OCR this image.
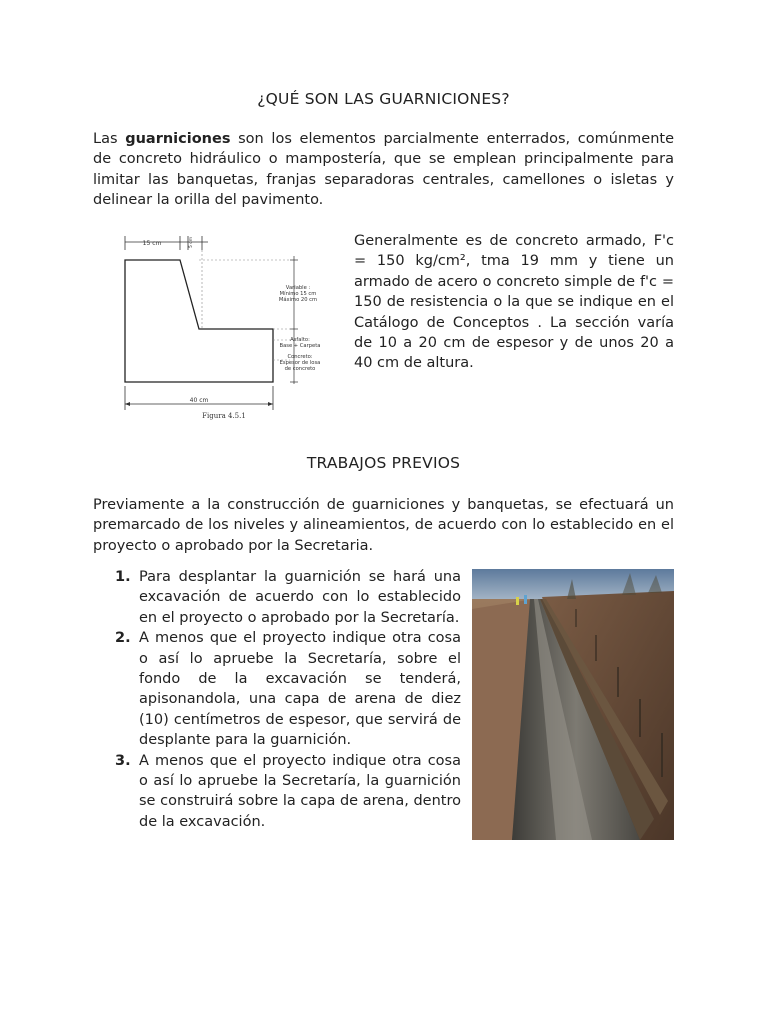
¿QUÉ SON LAS GUARNICIONES?

Las guarniciones son los elementos parcialmente enterrados, comúnmente de concreto hidráulico o mampostería, que se emplean principalmente para limitar las banquetas, franjas separadoras centrales, camellones o isletas y delinear la orilla del pavimento.

15 cm	5 cm
Variable :
Mínimo 15 cm
Máximo 20 cm
Asfalto:
Base + Carpeta
Concreto:
Espesor de losa
de concreto
40 cm
Figura 4.5.1

Generalmente es de concreto armado, F'c = 150 kg/cm², tma 19 mm y tiene un armado de acero o concreto simple de f'c = 150 de resistencia o la que se indique en el Catálogo de Conceptos . La sección varía de 10 a 20 cm de espesor y de unos 20 a 40 cm de altura.

TRABAJOS PREVIOS

Previamente a la construcción de guarniciones y banquetas, se efectuará un premarcado de los niveles y alineamientos, de acuerdo con lo establecido en el proyecto o aprobado por la Secretaria.

1. Para desplantar la guarnición se hará una excavación de acuerdo con lo establecido en el proyecto o aprobado por la Secretaría.
2. A menos que el proyecto indique otra cosa o así lo apruebe la Secretaría, sobre el fondo de la excavación se tenderá, apisonandola, una capa de arena de diez (10) centímetros de espesor, que servirá de desplante para la guarnición.
3. A menos que el proyecto indique otra cosa o así lo apruebe la Secretaría, la guarnición se construirá sobre la capa de arena, dentro de la excavación.
